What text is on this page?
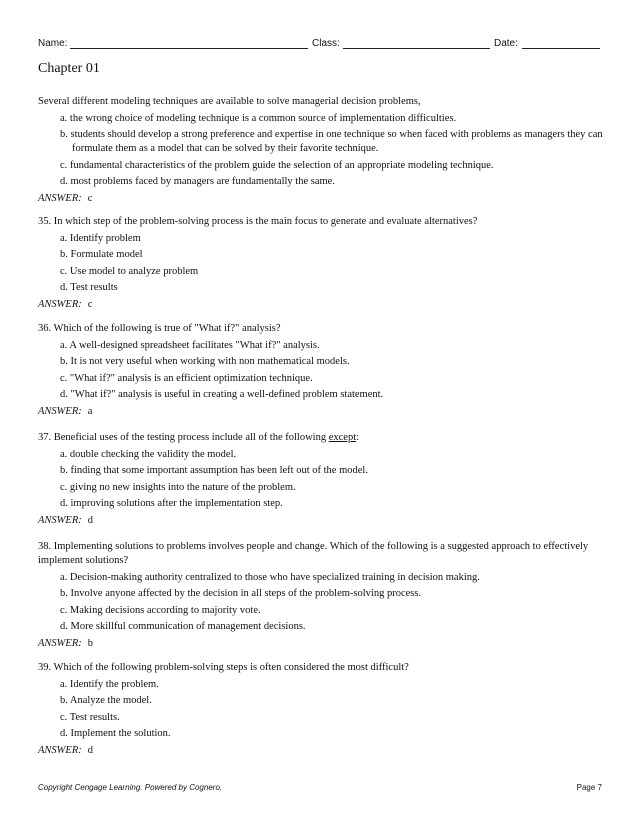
Name:	Class:	Date:
Chapter 01
Several different modeling techniques are available to solve managerial decision problems,
a. the wrong choice of modeling technique is a common source of implementation difficulties.
b. students should develop a strong preference and expertise in one technique so when faced with problems as managers they can formulate them as a model that can be solved by their favorite technique.
c. fundamental characteristics of the problem guide the selection of an appropriate modeling technique.
d. most problems faced by managers are fundamentally the same.
ANSWER: c
35. In which step of the problem-solving process is the main focus to generate and evaluate alternatives?
a. Identify problem
b. Formulate model
c. Use model to analyze problem
d. Test results
ANSWER: c
36. Which of the following is true of "What if?" analysis?
a. A well-designed spreadsheet facilitates "What if?" analysis.
b. It is not very useful when working with non mathematical models.
c. "What if?" analysis is an efficient optimization technique.
d. "What if?" analysis is useful in creating a well-defined problem statement.
ANSWER: a
37. Beneficial uses of the testing process include all of the following except:
a. double checking the validity the model.
b. finding that some important assumption has been left out of the model.
c. giving no new insights into the nature of the problem.
d. improving solutions after the implementation step.
ANSWER: d
38. Implementing solutions to problems involves people and change. Which of the following is a suggested approach to effectively implement solutions?
a. Decision-making authority centralized to those who have specialized training in decision making.
b. Involve anyone affected by the decision in all steps of the problem-solving process.
c. Making decisions according to majority vote.
d. More skillful communication of management decisions.
ANSWER: b
39. Which of the following problem-solving steps is often considered the most difficult?
a. Identify the problem.
b. Analyze the model.
c. Test results.
d. Implement the solution.
ANSWER: d
Copyright Cengage Learning. Powered by Cognero.	Page 7
